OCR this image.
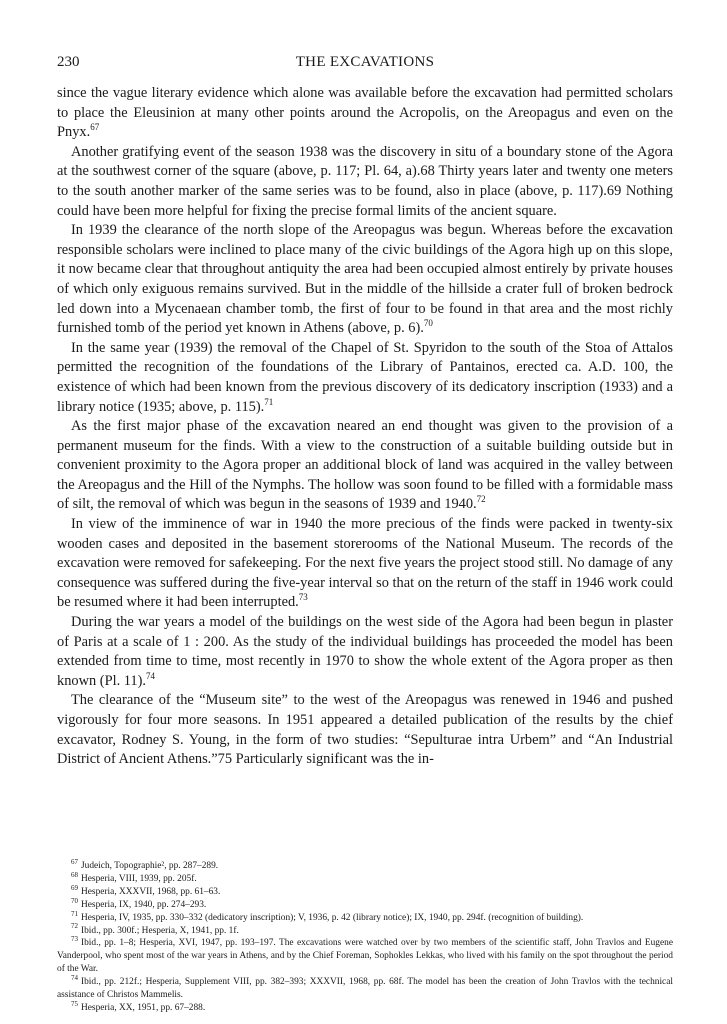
230	THE EXCAVATIONS

since the vague literary evidence which alone was available before the excavation had permitted scholars to place the Eleusinion at many other points around the Acropolis, on the Areopagus and even on the Pnyx.$^{67}$

Another gratifying event of the season 1938 was the discovery in situ of a boundary stone of the Agora at the southwest corner of the square (above, p. 117; Pl. 64, a).68 Thirty years later and twenty one meters to the south another marker of the same series was to be found, also in place (above, p. 117).69 Nothing could have been more helpful for fixing the precise formal limits of the ancient square.

In 1939 the clearance of the north slope of the Areopagus was begun. Whereas before the excavation responsible scholars were inclined to place many of the civic buildings of the Agora high up on this slope, it now became clear that throughout antiquity the area had been occupied almost entirely by private houses of which only exiguous remains survived. But in the middle of the hillside a crater full of broken bedrock led down into a Mycenaean chamber tomb, the first of four to be found in that area and the most richly furnished tomb of the period yet known in Athens (above, p. 6).$^{70}$

In the same year (1939) the removal of the Chapel of St. Spyridon to the south of the Stoa of Attalos permitted the recognition of the foundations of the Library of Pantainos, erected ca. A.D. 100, the existence of which had been known from the previous discovery of its dedicatory inscription (1933) and a library notice (1935; above, p. 115).$^{71}$

As the first major phase of the excavation neared an end thought was given to the provision of a permanent museum for the finds. With a view to the construction of a suitable building outside but in convenient proximity to the Agora proper an additional block of land was acquired in the valley between the Areopagus and the Hill of the Nymphs. The hollow was soon found to be filled with a formidable mass of silt, the removal of which was begun in the seasons of 1939 and 1940.72

In view of the imminence of war in 1940 the more precious of the finds were packed in twenty-six wooden cases and deposited in the basement storerooms of the National Museum. The records of the excavation were removed for safekeeping. For the next five years the project stood still. No damage of any consequence was suffered during the five-year interval so that on the return of the staff in 1946 work could be resumed where it had been interrupted.$^{73}$

During the war years a model of the buildings on the west side of the Agora had been begun in plaster of Paris at a scale of 1 : 200. As the study of the individual buildings has proceeded the model has been extended from time to time, most recently in 1970 to show the whole extent of the Agora proper as then known (Pl. 11).$^{74}$

The clearance of the “Museum site” to the west of the Areopagus was renewed in 1946 and pushed vigorously for four more seasons. In 1951 appeared a detailed publication of the results by the chief excavator, Rodney S. Young, in the form of two studies: “Sepulturae intra Urbem” and “An Industrial District of Ancient Athens.”75 Particularly significant was the in-

$^{67}$ Judeich, Topographie², pp. 287–289.

$^{68}$ Hesperia, VIII, 1939, pp. 205f.

$^{69}$ Hesperia, XXXVII, 1968, pp. 61–63.

$^{70}$ Hesperia, IX, 1940, pp. 274–293.

$^{71}$ Hesperia, IV, 1935, pp. 330–332 (dedicatory inscription); V, 1936, p. 42 (library notice); IX, 1940, pp. 294f. (recognition of building).

$^{72}$ Ibid., pp. 300f.; Hesperia, X, 1941, pp. 1f.

$^{73}$ Ibid., pp. 1–8; Hesperia, XVI, 1947, pp. 193–197. The excavations were watched over by two members of the scientific staff, John Travlos and Eugene Vanderpool, who spent most of the war years in Athens, and by the Chief Foreman, Sophokles Lekkas, who lived with his family on the spot throughout the period of the War.

$^{74}$ Ibid., pp. 212f.; Hesperia, Supplement VIII, pp. 382–393; XXXVII, 1968, pp. 68f. The model has been the creation of John Travlos with the technical assistance of Christos Mammelis.

$^{75}$ Hesperia, XX, 1951, pp. 67–288.
